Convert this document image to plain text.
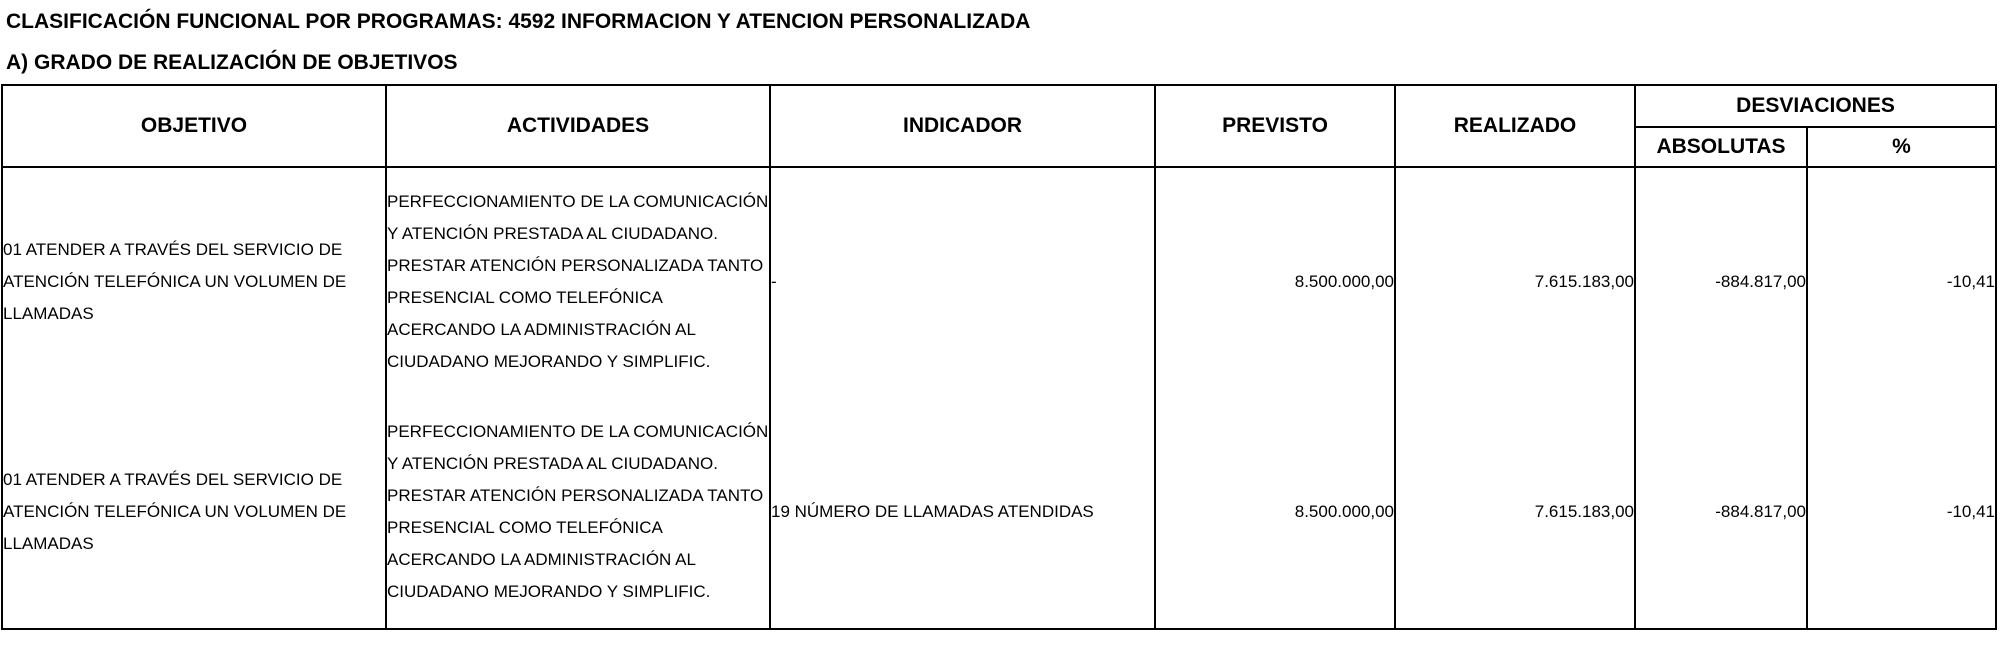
CLASIFICACIÓN FUNCIONAL POR PROGRAMAS: 4592 INFORMACION Y ATENCION PERSONALIZADA
A) GRADO DE REALIZACIÓN DE OBJETIVOS
OBJETIVO	ACTIVIDADES	INDICADOR	PREVISTO	REALIZADO	DESVIACIONES	
					ABSOLUTAS	%
01 ATENDER A TRAVÉS DEL SERVICIO DE ATENCIÓN TELEFÓNICA UN VOLUMEN DE LLAMADAS	PERFECCIONAMIENTO DE LA COMUNICACIÓN Y ATENCIÓN PRESTADA AL CIUDADANO. PRESTAR ATENCIÓN PERSONALIZADA TANTO PRESENCIAL COMO TELEFÓNICA ACERCANDO LA ADMINISTRACIÓN AL CIUDADANO MEJORANDO Y SIMPLIFIC.	-	8.500.000,00	7.615.183,00	-884.817,00	-10,41
01 ATENDER A TRAVÉS DEL SERVICIO DE ATENCIÓN TELEFÓNICA UN VOLUMEN DE LLAMADAS	PERFECCIONAMIENTO DE LA COMUNICACIÓN Y ATENCIÓN PRESTADA AL CIUDADANO. PRESTAR ATENCIÓN PERSONALIZADA TANTO PRESENCIAL COMO TELEFÓNICA ACERCANDO LA ADMINISTRACIÓN AL CIUDADANO MEJORANDO Y SIMPLIFIC.	19 NÚMERO DE LLAMADAS ATENDIDAS	8.500.000,00	7.615.183,00	-884.817,00	-10,41
